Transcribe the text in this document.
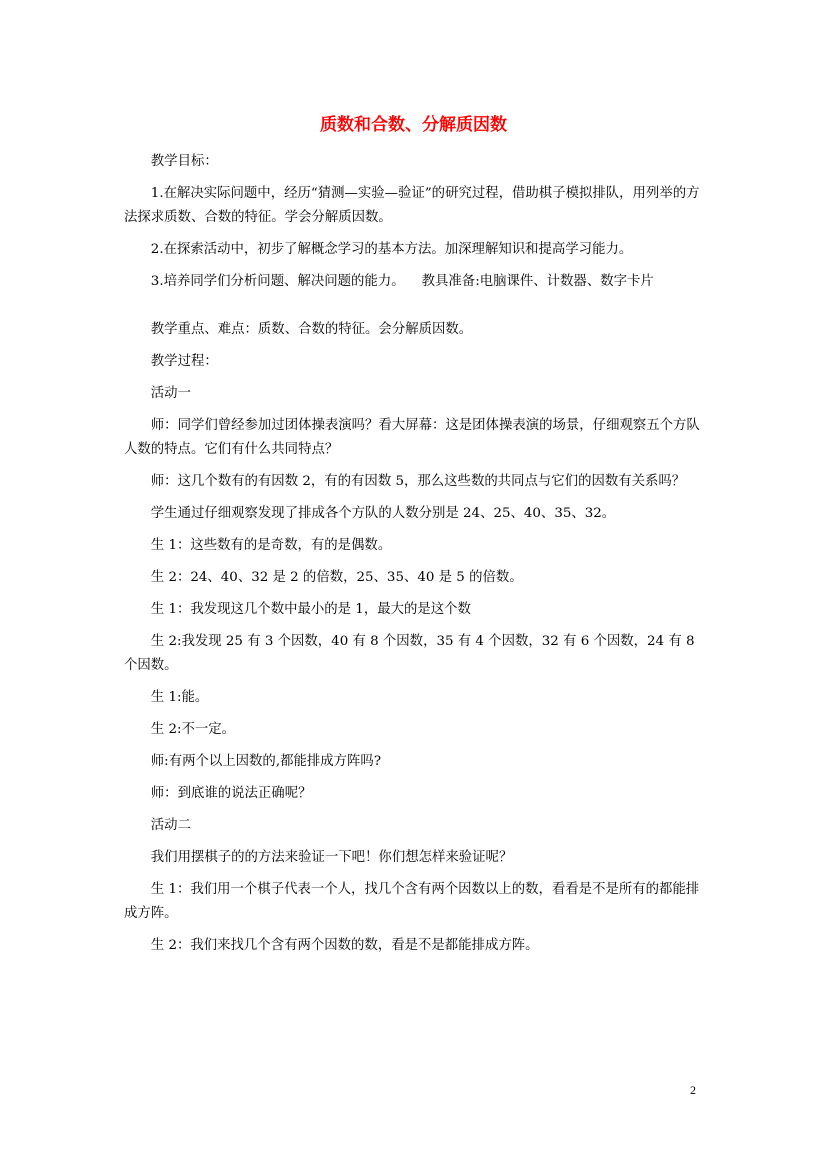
质数和合数、分解质因数

教学目标：

1.在解决实际问题中，经历“猜测—实验—验证”的研究过程，借助棋子模拟排队，用列举的方法探求质数、合数的特征。学会分解质因数。

2.在探索活动中，初步了解概念学习的基本方法。加深理解知识和提高学习能力。

3.培养同学们分析问题、解决问题的能力。    教具准备:电脑课件、计数器、数字卡片

教学重点、难点：质数、合数的特征。会分解质因数。

教学过程：

活动一

师：同学们曾经参加过团体操表演吗？看大屏幕：这是团体操表演的场景，仔细观察五个方队人数的特点。它们有什么共同特点？

师：这几个数有的有因数 2，有的有因数 5，那么这些数的共同点与它们的因数有关系吗？

学生通过仔细观察发现了排成各个方队的人数分别是 24、25、40、35、32。

生 1：这些数有的是奇数，有的是偶数。

生 2：24、40、32 是 2 的倍数，25、35、40 是 5 的倍数。

生 1：我发现这几个数中最小的是 1，最大的是这个数

生 2:我发现 25 有 3 个因数，40 有 8 个因数，35 有 4 个因数，32 有 6 个因数，24 有 8 个因数。

生 1:能。

生 2:不一定。

师:有两个以上因数的,都能排成方阵吗?

师：到底谁的说法正确呢？

活动二

我们用摆棋子的的方法来验证一下吧！你们想怎样来验证呢？

生 1：我们用一个棋子代表一个人，找几个含有两个因数以上的数，看看是不是所有的都能排成方阵。

生 2：我们来找几个含有两个因数的数，看是不是都能排成方阵。

2
